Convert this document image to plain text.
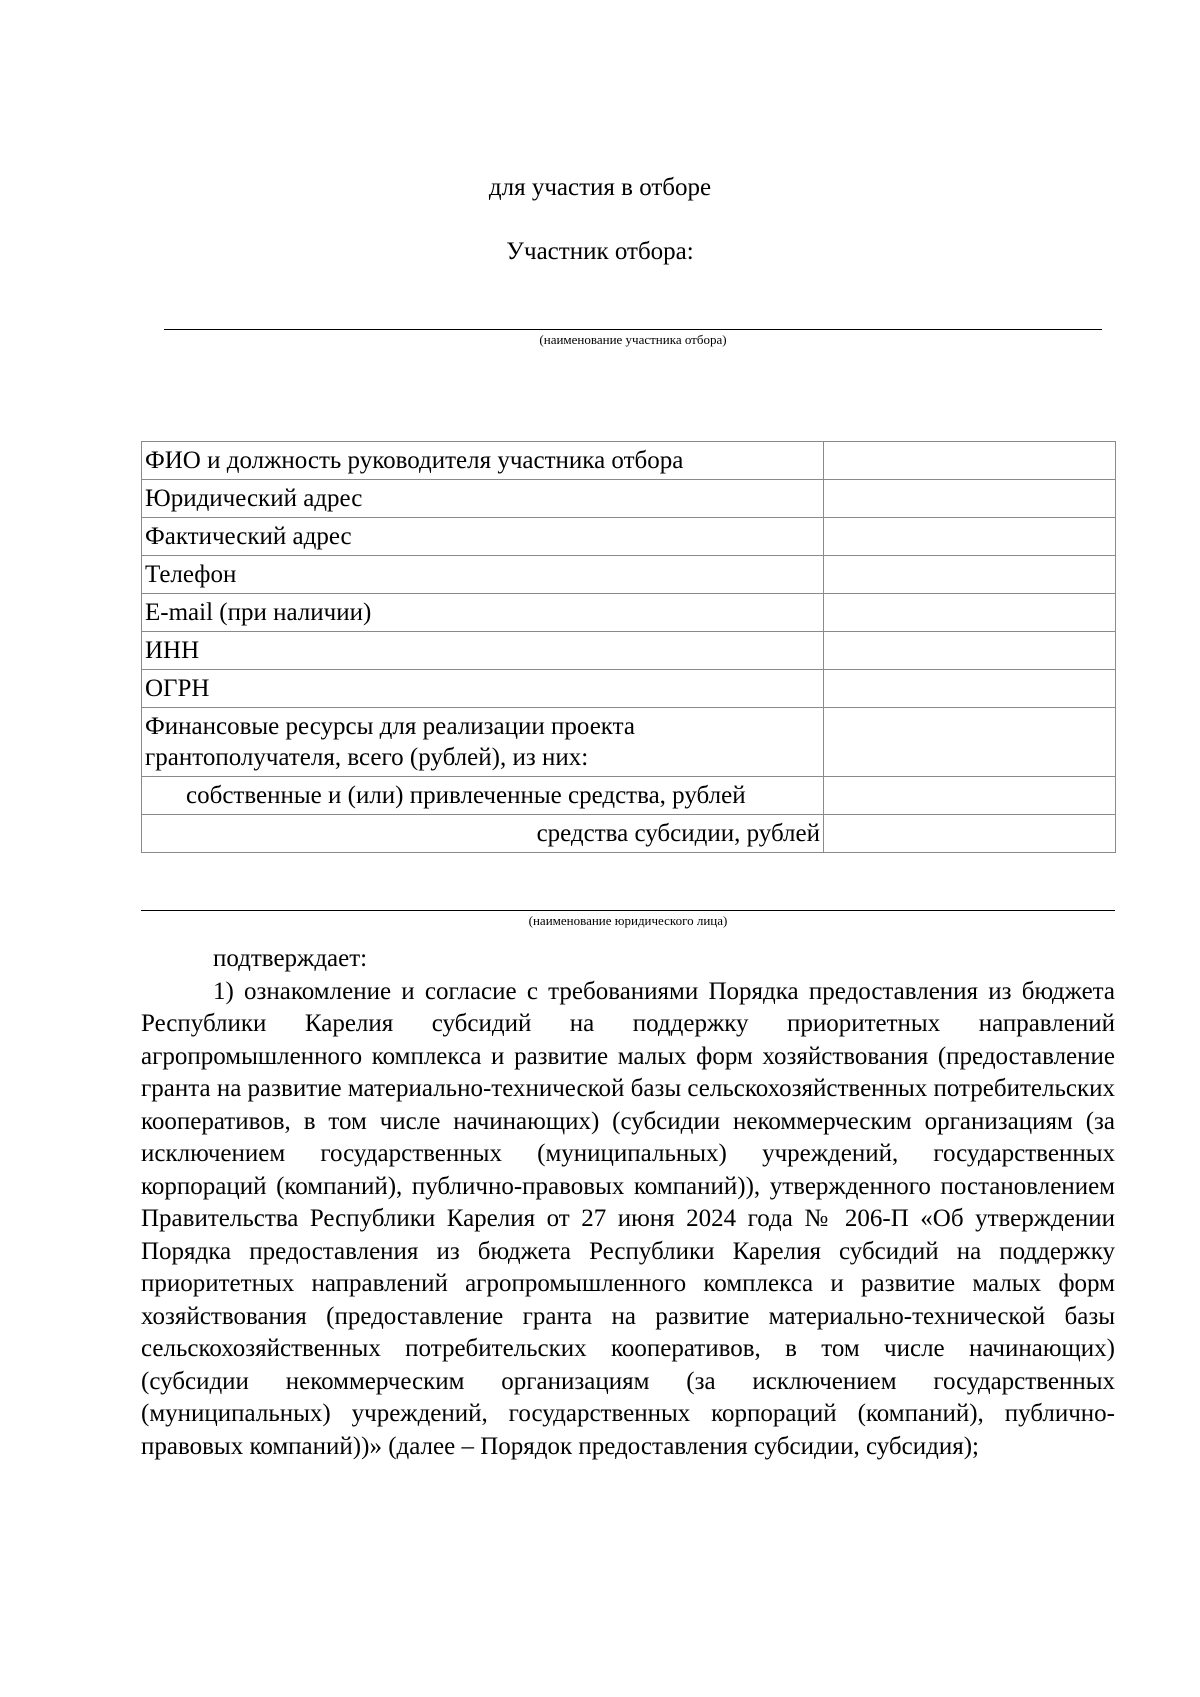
для участия в отборе
Участник отбора:
(наименование участника отбора)
ФИО и должность руководителя участника отбора	
Юридический адрес	
Фактический адрес	
Телефон	
E-mail (при наличии)	
ИНН	
ОГРН	
Финансовые ресурсы для реализации проекта грантополучателя, всего (рублей), из них:	
собственные и (или) привлеченные средства, рублей	
средства субсидии, рублей	
(наименование юридического лица)

подтверждает:

1) ознакомление и согласие с требованиями Порядка предоставления из бюджета Республики Карелия субсидий на поддержку приоритетных направлений агропромышленного комплекса и развитие малых форм хозяйствования (предоставление гранта на развитие материально-технической базы сельскохозяйственных потребительских кооперативов, в том числе начинающих) (субсидии некоммерческим организациям (за исключением государственных (муниципальных) учреждений, государственных корпораций (компаний), публично-правовых компаний)), утвержденного постановлением Правительства Республики Карелия от 27 июня 2024 года № 206-П «Об утверждении Порядка предоставления из бюджета Республики Карелия субсидий на поддержку приоритетных направлений агропромышленного комплекса и развитие малых форм хозяйствования (предоставление гранта на развитие материально-технической базы сельскохозяйственных потребительских кооперативов, в том числе начинающих) (субсидии некоммерческим организациям (за исключением государственных (муниципальных) учреждений, государственных корпораций (компаний), публично-правовых компаний))» (далее – Порядок предоставления субсидии, субсидия);
